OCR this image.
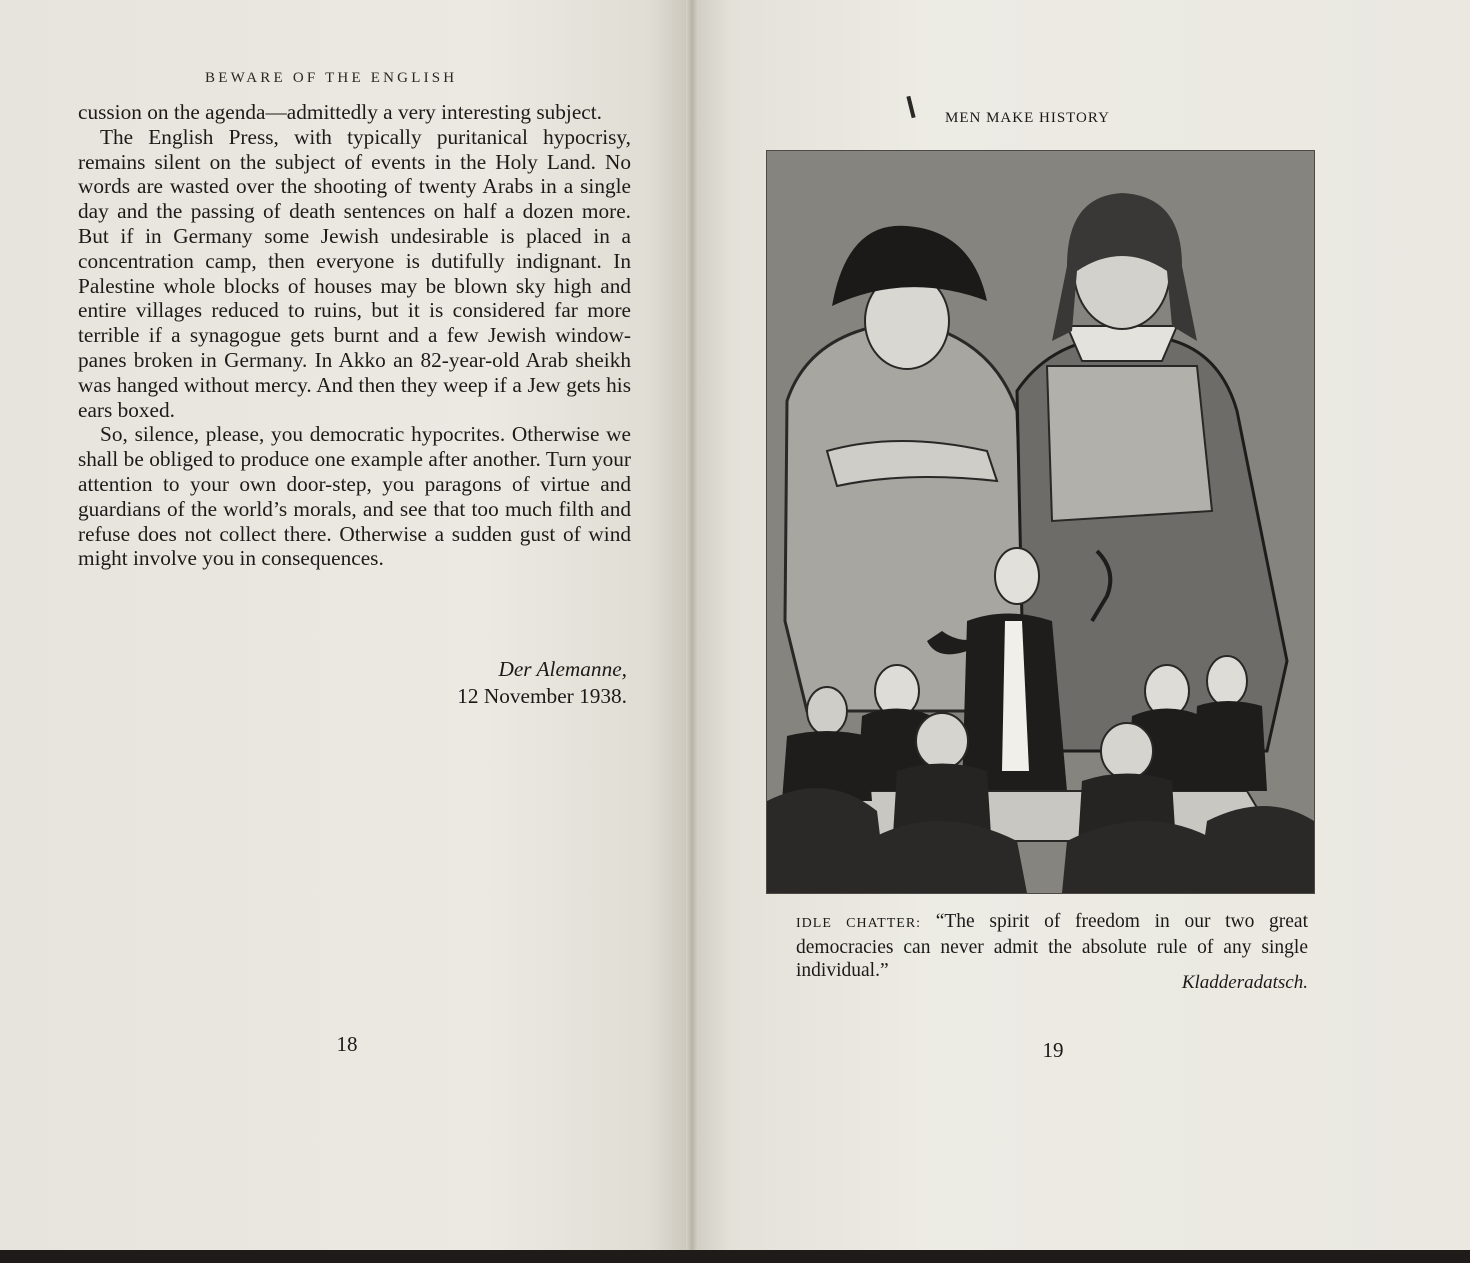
BEWARE OF THE ENGLISH

cussion on the agenda—admittedly a very interesting subject.

The English Press, with typically puritanical hypocrisy, remains silent on the subject of events in the Holy Land. No words are wasted over the shooting of twenty Arabs in a single day and the passing of death sentences on half a dozen more. But if in Germany some Jewish undesirable is placed in a concentration camp, then everyone is dutifully indignant. In Palestine whole blocks of houses may be blown sky high and entire villages reduced to ruins, but it is considered far more terrible if a synagogue gets burnt and a few Jewish window-panes broken in Germany. In Akko an 82-year-old Arab sheikh was hanged without mercy. And then they weep if a Jew gets his ears boxed.

So, silence, please, you democratic hypocrites. Otherwise we shall be obliged to produce one example after another. Turn your attention to your own door-step, you paragons of virtue and guardians of the world’s morals, and see that too much filth and refuse does not collect there. Otherwise a sudden gust of wind might involve you in consequences.

Der Alemanne,
12 November 1938.
18
MEN MAKE HISTORY
IDLE CHATTER: “The spirit of freedom in our two great democracies can never admit the absolute rule of any single individual.”
Kladderadatsch.
19
